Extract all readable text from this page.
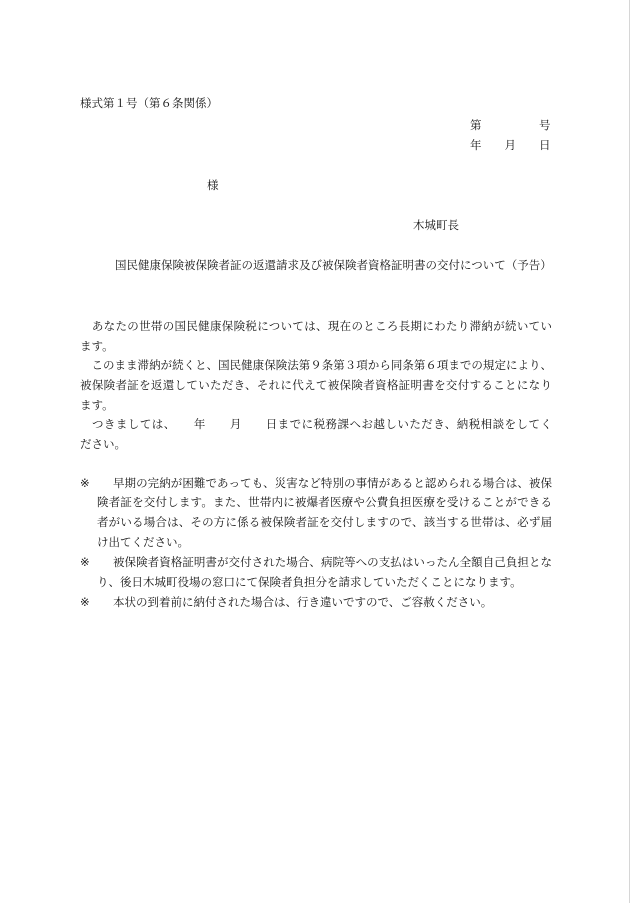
様式第１号（第６条関係）
第　　　　　号
年　　月　　日
様
木城町長
国民健康保険被保険者証の返還請求及び被保険者資格証明書の交付について（予告）
　あなたの世帯の国民健康保険税については、現在のところ長期にわたり滞納が続いてい
ます。
　このまま滞納が続くと、国民健康保険法第９条第３項から同条第６項までの規定により、
被保険者証を返還していただき、それに代えて被保険者資格証明書を交付することになり
ます。
　つきましては、　　年　　月　　日までに税務課へお越しいただき、納税相談をしてく
ださい。
※	早期の完納が困難であっても、災害など特別の事情があると認められる場合は、被保
険者証を交付します。また、世帯内に被爆者医療や公費負担医療を受けることができる
者がいる場合は、その方に係る被保険者証を交付しますので、該当する世帯は、必ず届
け出てください。
※	被保険者資格証明書が交付された場合、病院等への支払はいったん全額自己負担とな
り、後日木城町役場の窓口にて保険者負担分を請求していただくことになります。
※	本状の到着前に納付された場合は、行き違いですので、ご容赦ください。
